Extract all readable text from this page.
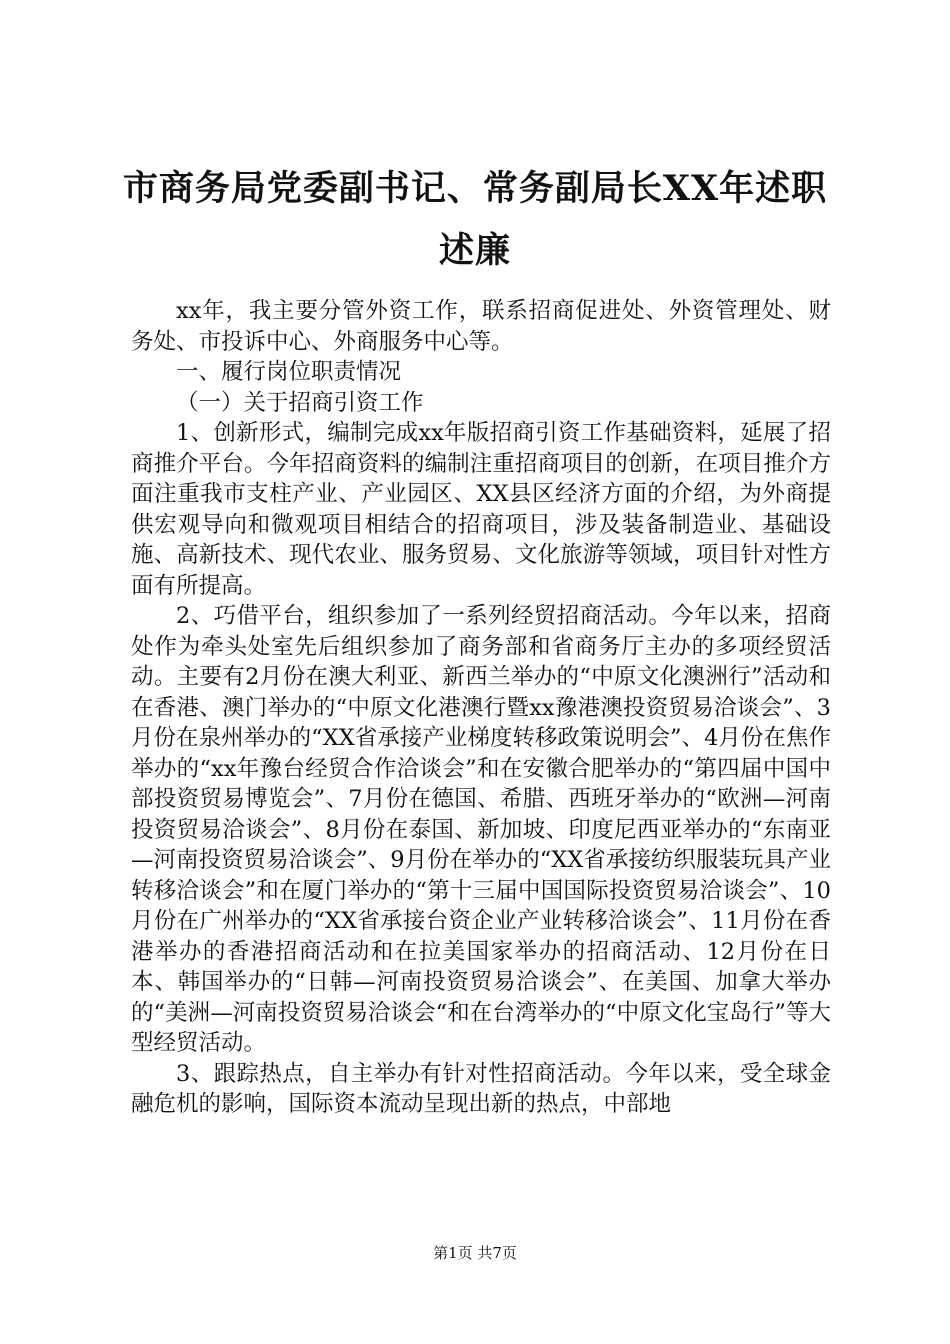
市商务局党委副书记、常务副局长XX年述职
述廉

xx年，我主要分管外资工作，联系招商促进处、外资管理处、财务处、市投诉中心、外商服务中心等。

一、履行岗位职责情况

（一）关于招商引资工作

1、创新形式，编制完成xx年版招商引资工作基础资料，延展了招商推介平台。今年招商资料的编制注重招商项目的创新，在项目推介方面注重我市支柱产业、产业园区、XX县区经济方面的介绍，为外商提供宏观导向和微观项目相结合的招商项目，涉及装备制造业、基础设施、高新技术、现代农业、服务贸易、文化旅游等领域，项目针对性方面有所提高。

2、巧借平台，组织参加了一系列经贸招商活动。今年以来，招商处作为牵头处室先后组织参加了商务部和省商务厅主办的多项经贸活动。主要有2月份在澳大利亚、新西兰举办的“中原文化澳洲行”活动和在香港、澳门举办的“中原文化港澳行暨xx豫港澳投资贸易洽谈会”、3月份在泉州举办的“XX省承接产业梯度转移政策说明会”、4月份在焦作举办的“xx年豫台经贸合作洽谈会”和在安徽合肥举办的“第四届中国中部投资贸易博览会”、7月份在德国、希腊、西班牙举办的“欧洲—河南投资贸易洽谈会”、8月份在泰国、新加坡、印度尼西亚举办的“东南亚—河南投资贸易洽谈会”、9月份在举办的“XX省承接纺织服装玩具产业转移洽谈会”和在厦门举办的“第十三届中国国际投资贸易洽谈会”、10月份在广州举办的“XX省承接台资企业产业转移洽谈会”、11月份在香港举办的香港招商活动和在拉美国家举办的招商活动、12月份在日本、韩国举办的“日韩—河南投资贸易洽谈会”、在美国、加拿大举办的“美洲—河南投资贸易洽谈会“和在台湾举办的“中原文化宝岛行”等大型经贸活动。

3、跟踪热点，自主举办有针对性招商活动。今年以来，受全球金融危机的影响，国际资本流动呈现出新的热点，中部地

第1页 共7页
